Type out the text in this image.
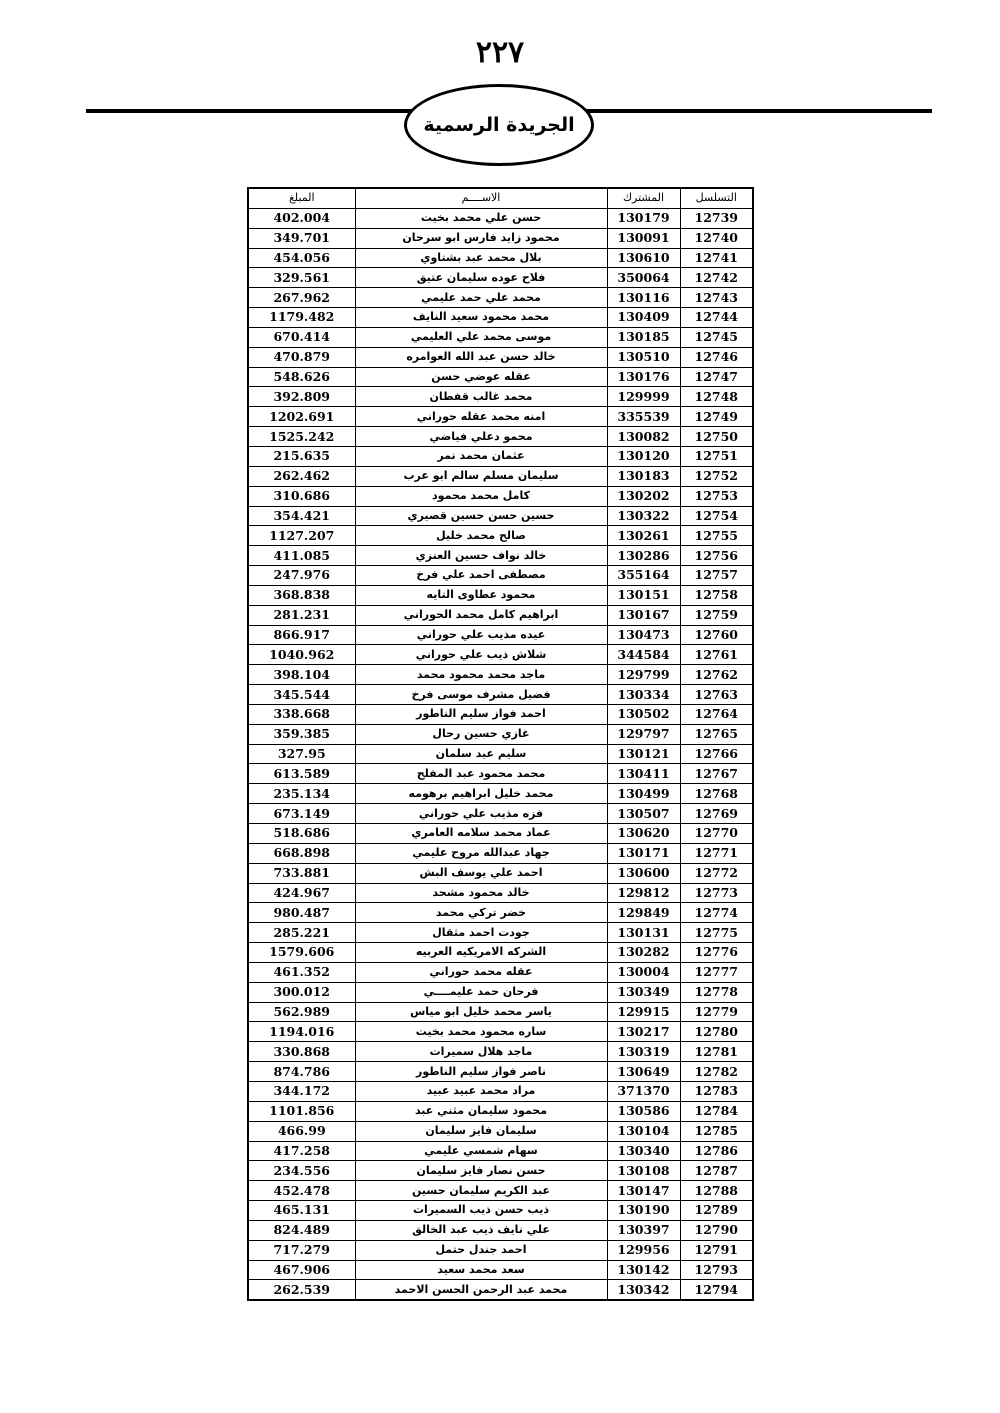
٢٢٧
الجريدة الرسمية
المبلغ	الاســــم	المشترك	التسلسل
402.004	حسن علي محمد بخيت	130179	12739
349.701	محمود زايد فارس ابو سرحان	130091	12740
454.056	بلال محمد عبد بشتاوي	130610	12741
329.561	فلاح عوده سليمان عتيق	350064	12742
267.962	محمد علي حمد عليمي	130116	12743
1179.482	محمد محمود سعيد النايف	130409	12744
670.414	موسى محمد علي العليمي	130185	12745
470.879	خالد حسن عبد الله العوامره	130510	12746
548.626	عقله عوضي حسن	130176	12747
392.809	محمد غالب قفطان	129999	12748
1202.691	امنه محمد عقله حوراني	335539	12749
1525.242	محمو دعلي فياضي	130082	12750
215.635	عثمان محمد نمر	130120	12751
262.462	سليمان مسلم سالم ابو عرب	130183	12752
310.686	كامل محمد محمود	130202	12753
354.421	حسين حسن حسين قصيري	130322	12754
1127.207	صالح محمد خليل	130261	12755
411.085	خالد نواف حسين العنزي	130286	12756
247.976	مصطفى احمد علي فرخ	355164	12757
368.838	محمود عطاوى التايه	130151	12758
281.231	ابراهيم كامل محمد الحوراني	130167	12759
866.917	عيده مذيب علي حوراني	130473	12760
1040.962	شلاش ذيب علي حوراني	344584	12761
398.104	ماجد محمد محمود محمد	129799	12762
345.544	فضيل مشرف موسى فرخ	130334	12763
338.668	احمد فواز سليم الناطور	130502	12764
359.385	غازي حسين رحال	129797	12765
327.95	سليم عيد سلمان	130121	12766
613.589	محمد محمود عبد المفلح	130411	12767
235.134	محمد خليل ابراهيم برهومه	130499	12768
673.149	فزه مذيب علي حوراني	130507	12769
518.686	عماد محمد سلامه العامري	130620	12770
668.898	جهاد عبدالله مروح عليمي	130171	12771
733.881	احمد علي يوسف البش	130600	12772
424.967	خالد محمود مشحد	129812	12773
980.487	خضر تركي محمد	129849	12774
285.221	جودت احمد مثقال	130131	12775
1579.606	الشركه الامريكيه العربيه	130282	12776
461.352	عقله محمد حوراني	130004	12777
300.012	فرحان حمد عليمــــي	130349	12778
562.989	ياسر محمد خليل ابو مياس	129915	12779
1194.016	ساره محمود محمد بخيت	130217	12780
330.868	ماجد هلال سميرات	130319	12781
874.786	ناصر فواز سليم الناطور	130649	12782
344.172	مراد محمد عبيد عبيد	371370	12783
1101.856	محمود سليمان مثني عبد	130586	12784
466.99	سليمان فايز سليمان	130104	12785
417.258	سهام شمسي عليمي	130340	12786
234.556	حسن نصار فايز سليمان	130108	12787
452.478	عبد الكريم سليمان حسين	130147	12788
465.131	ذيب حسن ذيب السميرات	130190	12789
824.489	علي نايف ذيب عبد الخالق	130397	12790
717.279	احمد جندل حتمل	129956	12791
467.906	سعد محمد سعيد	130142	12793
262.539	محمد عبد الرحمن الحسن الاحمد	130342	12794
